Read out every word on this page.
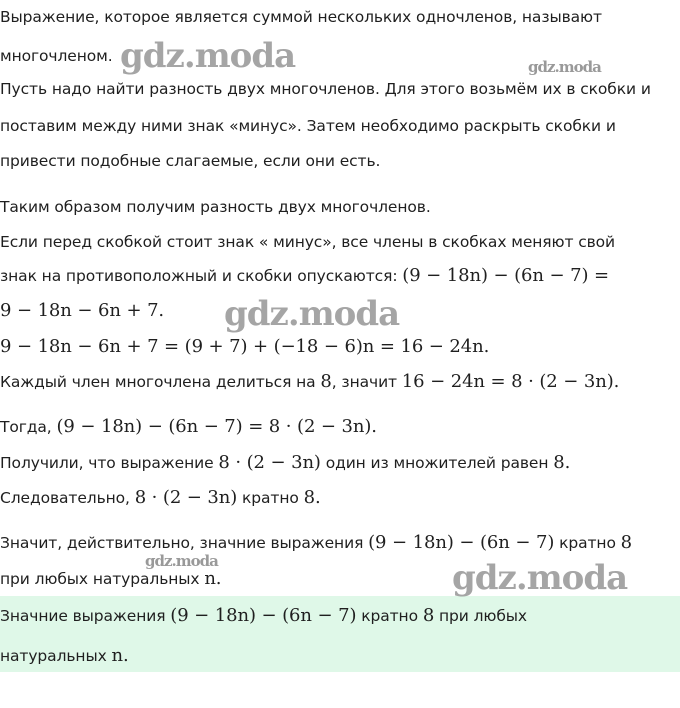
Выражение, которое является суммой нескольких одночленов, называют
многочленом.
Пусть надо найти разность двух многочленов. Для этого возьмём их в скобки и
поставим между ними знак «минус». Затем необходимо раскрыть скобки и
привести подобные слагаемые, если они есть.
Таким образом получим разность двух многочленов.
Если перед скобкой стоит знак « минус», все члены в скобках меняют свой
знак на противоположный и скобки опускаются: (9 − 18n) − (6n − 7) =
9 − 18n − 6n + 7.
9 − 18n − 6n + 7 = (9 + 7) + (−18 − 6)n = 16 − 24n.
Каждый член многочлена делиться на 8, значит 16 − 24n = 8 · (2 − 3n).
Тогда, (9 − 18n) − (6n − 7) = 8 · (2 − 3n).
Получили, что выражение 8 · (2 − 3n) один из множителей равен 8.
Следовательно, 8 · (2 − 3n) кратно 8.
Значит, действительно, значние выражения (9 − 18n) − (6n − 7) кратно 8
при любых натуральных n.
Значние выражения (9 − 18n) − (6n − 7) кратно 8 при любых
натуральных n.
gdz.moda	gdz.moda
gdz.moda
gdz.moda	gdz.moda
